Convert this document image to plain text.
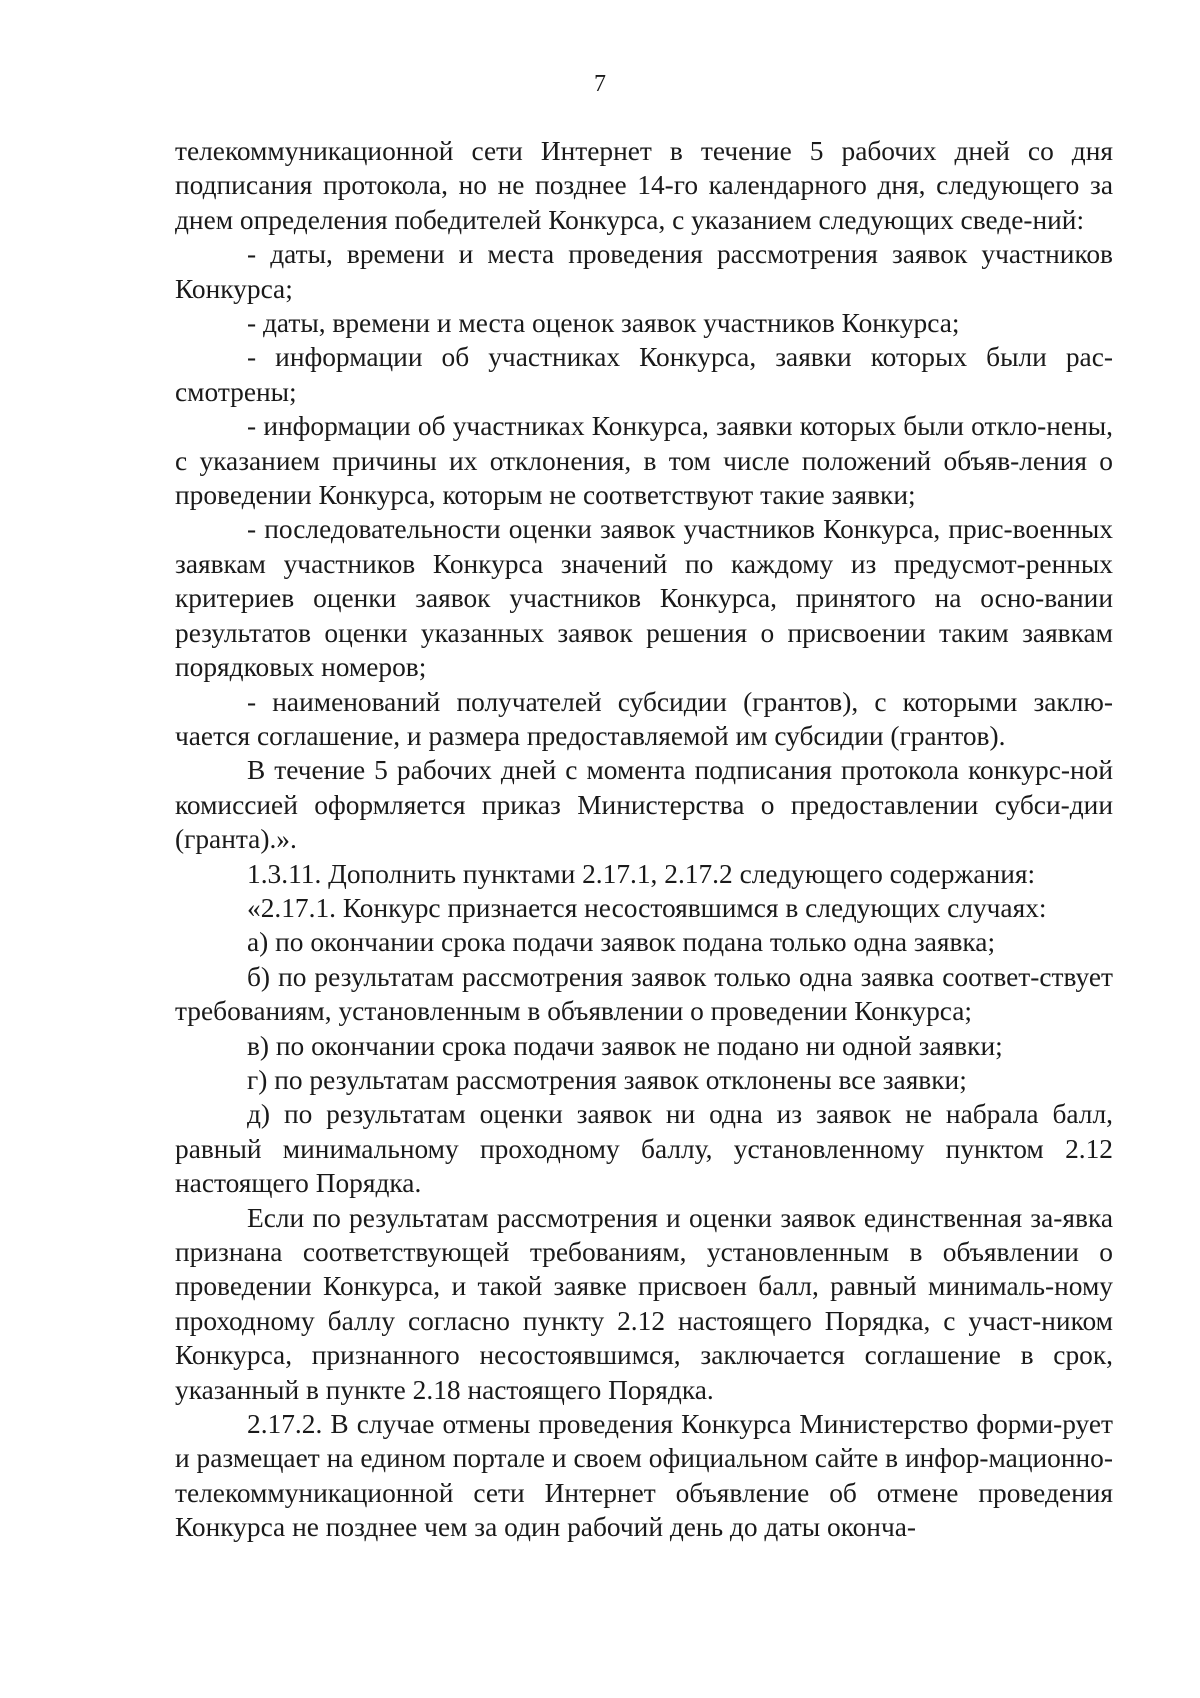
7

телекоммуникационной сети Интернет в течение 5 рабочих дней со дня подписания протокола, но не позднее 14-го календарного дня, следующего за днем определения победителей Конкурса, с указанием следующих сведе-ний:

- даты, времени и места проведения рассмотрения заявок участников Конкурса;

- даты, времени и места оценок заявок участников Конкурса;

- информации об участниках Конкурса, заявки которых были рас-смотрены;

- информации об участниках Конкурса, заявки которых были откло-нены, с указанием причины их отклонения, в том числе положений объяв-ления о проведении Конкурса, которым не соответствуют такие заявки;

- последовательности оценки заявок участников Конкурса, прис-военных заявкам участников Конкурса значений по каждому из предусмот-ренных критериев оценки заявок участников Конкурса, принятого на осно-вании результатов оценки указанных заявок решения о присвоении таким заявкам порядковых номеров;

- наименований получателей субсидии (грантов), с которыми заклю-чается соглашение, и размера предоставляемой им субсидии (грантов).

В течение 5 рабочих дней с момента подписания протокола конкурс-ной комиссией оформляется приказ Министерства о предоставлении субси-дии (гранта).».

1.3.11. Дополнить пунктами 2.17.1, 2.17.2 следующего содержания:

«2.17.1. Конкурс признается несостоявшимся в следующих случаях:

а) по окончании срока подачи заявок подана только одна заявка;

б) по результатам рассмотрения заявок только одна заявка соответ-ствует требованиям, установленным в объявлении о проведении Конкурса;

в) по окончании срока подачи заявок не подано ни одной заявки;

г) по результатам рассмотрения заявок отклонены все заявки;

д) по результатам оценки заявок ни одна из заявок не набрала балл, равный минимальному проходному баллу, установленному пунктом 2.12 настоящего Порядка.

Если по результатам рассмотрения и оценки заявок единственная за-явка признана соответствующей требованиям, установленным в объявлении о проведении Конкурса, и такой заявке присвоен балл, равный минималь-ному проходному баллу согласно пункту 2.12 настоящего Порядка, с участ-ником Конкурса, признанного несостоявшимся, заключается соглашение в срок, указанный в пункте 2.18 настоящего Порядка.

2.17.2. В случае отмены проведения Конкурса Министерство форми-рует и размещает на едином портале и своем официальном сайте в инфор-мационно-телекоммуникационной сети Интернет объявление об отмене проведения Конкурса не позднее чем за один рабочий день до даты оконча-
